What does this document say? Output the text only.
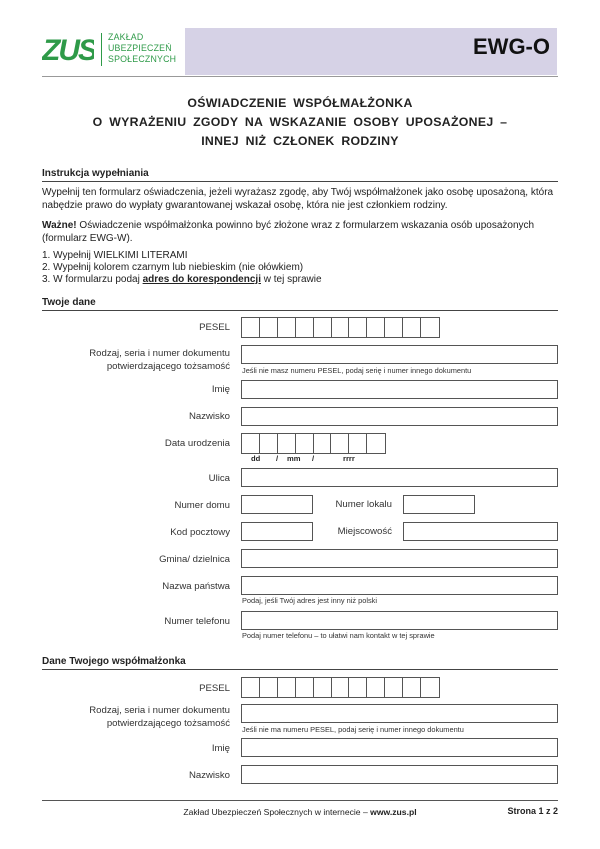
ZUS ZAKŁAD
UBEZPIECZEŃ
SPOŁECZNYCH	EWG-O
OŚWIADCZENIE WSPÓŁMAŁŻONKA
O WYRAŻENIU ZGODY NA WSKAZANIE OSOBY UPOSAŻONEJ –
INNEJ NIŻ CZŁONEK RODZINY
Instrukcja wypełniania
Wypełnij ten formularz oświadczenia, jeżeli wyrażasz zgodę, aby Twój współmałżonek jako osobę uposażoną, która nabędzie prawo do wypłaty gwarantowanej wskazał osobę, która nie jest członkiem rodziny.
Ważne! Oświadczenie współmałżonka powinno być złożone wraz z formularzem wskazania osób uposażonych (formularz EWG-W).
1. Wypełnij WIELKIMI LITERAMI
2. Wypełnij kolorem czarnym lub niebieskim (nie ołówkiem)
3. W formularzu podaj adres do korespondencji w tej sprawie
Twoje dane
PESEL
Rodzaj, seria i numer dokumentu
potwierdzającego tożsamość Jeśli nie masz numeru PESEL, podaj serię i numer innego dokumentu
Imię
Nazwisko
Data urodzenia
dd / mm /	rrrr
Ulica
Numer domu	Numer lokalu
Kod pocztowy	Miejscowość
Gmina/ dzielnica
Nazwa państwa
Podaj, jeśli Twój adres jest inny niż polski
Numer telefonu
Podaj numer telefonu – to ułatwi nam kontakt w tej sprawie
Dane Twojego współmałżonka
PESEL
Rodzaj, seria i numer dokumentu
potwierdzającego tożsamość
Jeśli nie ma numeru PESEL, podaj serię i numer innego dokumentu
Imię
Nazwisko
Zakład Ubezpieczeń Społecznych w internecie – www.zus.pl	Strona 1 z 2
